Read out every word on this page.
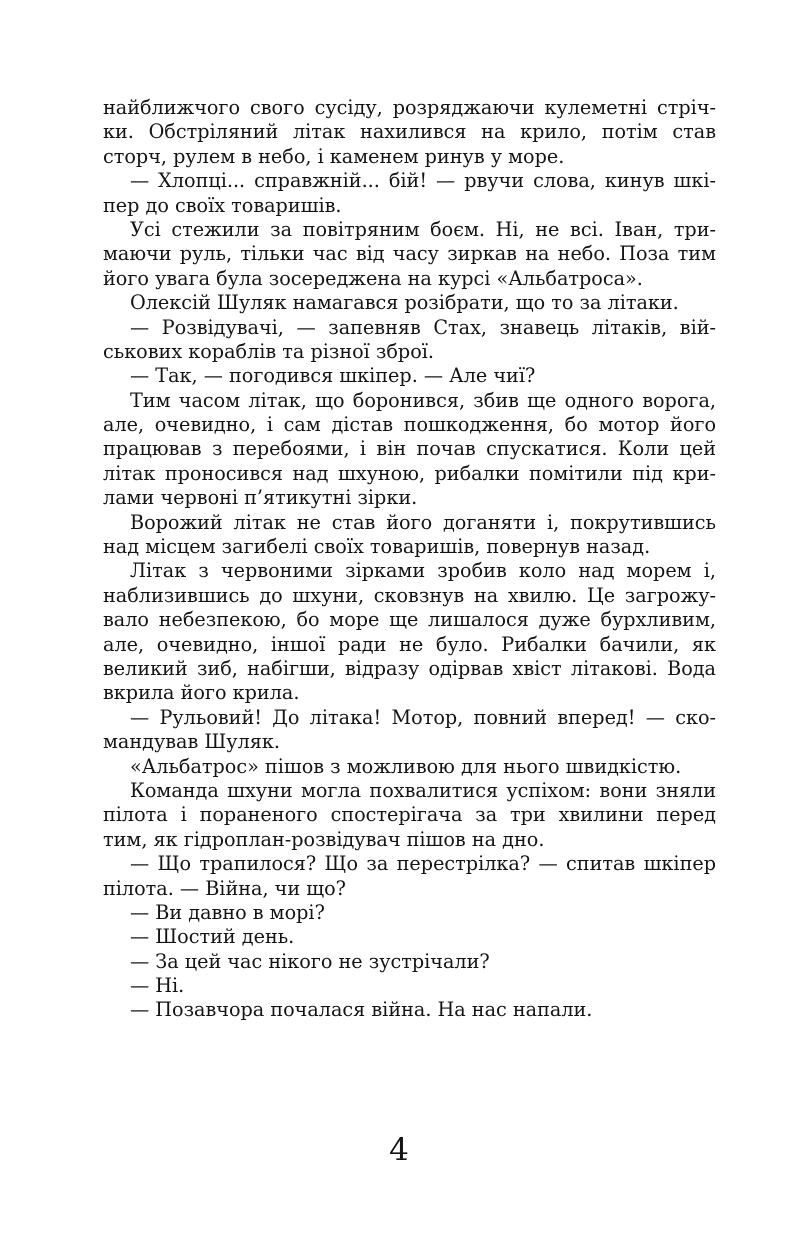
найближчого свого сусіду, розряджаючи кулеметні стріч-
ки. Обстріляний літак нахилився на крило, потім став
сторч, рулем в небо, і каменем ринув у море.
— Хлопці... справжній... бій! — рвучи слова, кинув шкі-
пер до своїх товаришів.
Усі стежили за повітряним боєм. Ні, не всі. Іван, три-
маючи руль, тільки час від часу зиркав на небо. Поза тим
його увага була зосереджена на курсі «Альбатроса».
Олексій Шуляк намагався розібрати, що то за літаки.
— Розвідувачі, — запевняв Стах, знавець літаків, вій-
ськових кораблів та різної зброї.
— Так, — погодився шкіпер. — Але чиї?
Тим часом літак, що боронився, збив ще одного ворога,
але, очевидно, і сам дістав пошкодження, бо мотор його
працював з перебоями, і він почав спускатися. Коли цей
літак проносився над шхуною, рибалки помітили під кри-
лами червоні п’ятикутні зірки.
Ворожий літак не став його доганяти і, покрутившись
над місцем загибелі своїх товаришів, повернув назад.
Літак з червоними зірками зробив коло над морем і,
наблизившись до шхуни, сковзнув на хвилю. Це загрожу-
вало небезпекою, бо море ще лишалося дуже бурхливим,
але, очевидно, іншої ради не було. Рибалки бачили, як
великий зиб, набігши, відразу одірвав хвіст літакові. Вода
вкрила його крила.
— Рульовий! До літака! Мотор, повний вперед! — ско-
мандував Шуляк.
«Альбатрос» пішов з можливою для нього швидкістю.
Команда шхуни могла похвалитися успіхом: вони зняли
пілота і пораненого спостерігача за три хвилини перед
тим, як гідроплан-розвідувач пішов на дно.
— Що трапилося? Що за перестрілка? — спитав шкіпер
пілота. — Війна, чи що?
— Ви давно в морі?
— Шостий день.
— За цей час нікого не зустрічали?
— Ні.
— Позавчора почалася війна. На нас напали.
4
